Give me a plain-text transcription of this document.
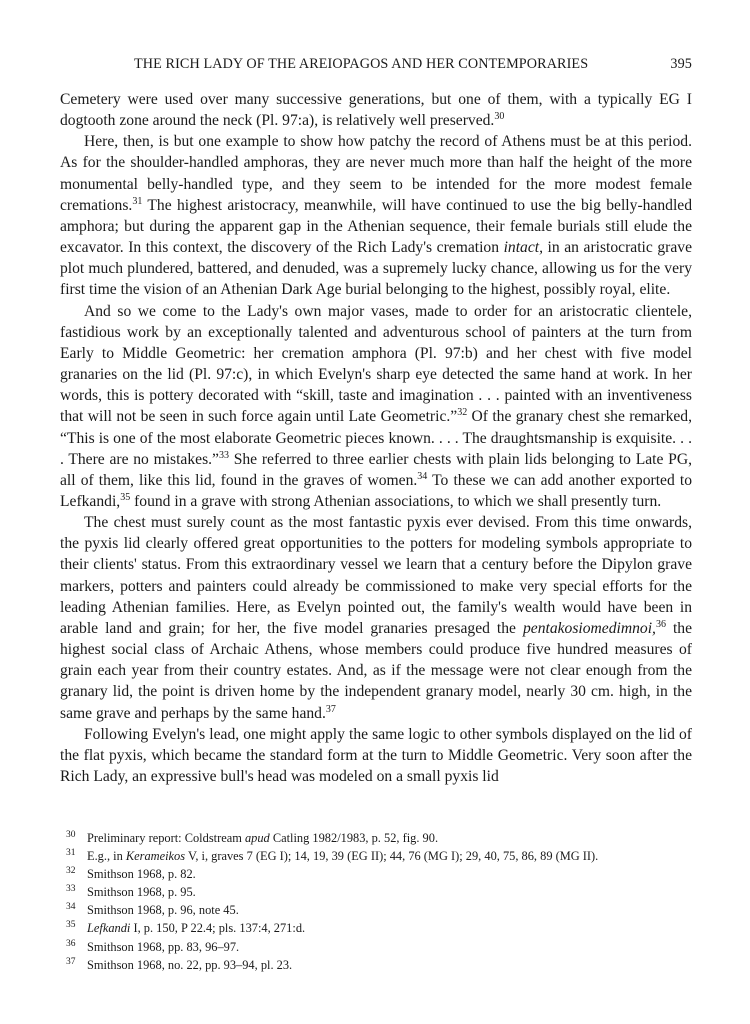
THE RICH LADY OF THE AREIOPAGOS AND HER CONTEMPORARIES	395

Cemetery were used over many successive generations, but one of them, with a typically EG I dogtooth zone around the neck (Pl. 97:a), is relatively well preserved.$^{30}$

Here, then, is but one example to show how patchy the record of Athens must be at this period. As for the shoulder-handled amphoras, they are never much more than half the height of the more monumental belly-handled type, and they seem to be intended for the more modest female cremations.$^{31}$ The highest aristocracy, meanwhile, will have continued to use the big belly-handled amphora; but during the apparent gap in the Athenian sequence, their female burials still elude the excavator. In this context, the discovery of the Rich Lady's cremation intact, in an aristocratic grave plot much plundered, battered, and denuded, was a supremely lucky chance, allowing us for the very first time the vision of an Athenian Dark Age burial belonging to the highest, possibly royal, elite.

And so we come to the Lady's own major vases, made to order for an aristocratic clientele, fastidious work by an exceptionally talented and adventurous school of painters at the turn from Early to Middle Geometric: her cremation amphora (Pl. 97:b) and her chest with five model granaries on the lid (Pl. 97:c), in which Evelyn's sharp eye detected the same hand at work. In her words, this is pottery decorated with “skill, taste and imagination . . . painted with an inventiveness that will not be seen in such force again until Late Geometric.”$^{32}$ Of the granary chest she remarked, “This is one of the most elaborate Geometric pieces known. . . . The draughtsmanship is exquisite. . . . There are no mistakes.”$^{33}$ She referred to three earlier chests with plain lids belonging to Late PG, all of them, like this lid, found in the graves of women.$^{34}$ To these we can add another exported to Lefkandi,$^{35}$ found in a grave with strong Athenian associations, to which we shall presently turn.

The chest must surely count as the most fantastic pyxis ever devised. From this time onwards, the pyxis lid clearly offered great opportunities to the potters for modeling symbols appropriate to their clients' status. From this extraordinary vessel we learn that a century before the Dipylon grave markers, potters and painters could already be commissioned to make very special efforts for the leading Athenian families. Here, as Evelyn pointed out, the family's wealth would have been in arable land and grain; for her, the five model granaries presaged the pentakosiomedimnoi,$^{36}$ the highest social class of Archaic Athens, whose members could produce five hundred measures of grain each year from their country estates. And, as if the message were not clear enough from the granary lid, the point is driven home by the independent granary model, nearly 30 cm. high, in the same grave and perhaps by the same hand.$^{37}$

Following Evelyn's lead, one might apply the same logic to other symbols displayed on the lid of the flat pyxis, which became the standard form at the turn to Middle Geometric. Very soon after the Rich Lady, an expressive bull's head was modeled on a small pyxis lid

30 Preliminary report: Coldstream apud Catling 1982/1983, p. 52, fig. 90.
31 E.g., in Kerameikos V, i, graves 7 (EG I); 14, 19, 39 (EG II); 44, 76 (MG I); 29, 40, 75, 86, 89 (MG II).
32 Smithson 1968, p. 82.
33 Smithson 1968, p. 95.
34 Smithson 1968, p. 96, note 45.
35 Lefkandi I, p. 150, P 22.4; pls. 137:4, 271:d.
36 Smithson 1968, pp. 83, 96–97.
37 Smithson 1968, no. 22, pp. 93–94, pl. 23.
